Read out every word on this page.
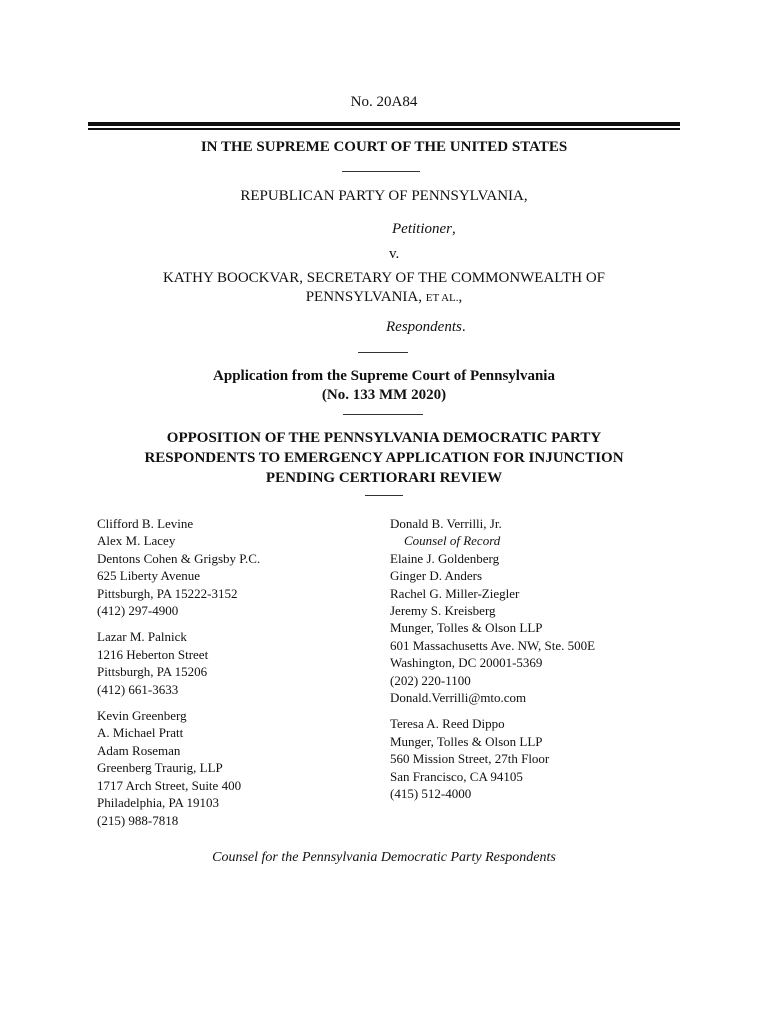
No. 20A84
IN THE SUPREME COURT OF THE UNITED STATES
REPUBLICAN PARTY OF PENNSYLVANIA,
Petitioner,
v.
KATHY BOOCKVAR, SECRETARY OF THE COMMONWEALTH OF
PENNSYLVANIA, ET AL.,
Respondents.
Application from the Supreme Court of Pennsylvania
(No. 133 MM 2020)
OPPOSITION OF THE PENNSYLVANIA DEMOCRATIC PARTY
RESPONDENTS TO EMERGENCY APPLICATION FOR INJUNCTION
PENDING CERTIORARI REVIEW
Clifford B. Levine
Alex M. Lacey
Dentons Cohen & Grigsby P.C.
625 Liberty Avenue
Pittsburgh, PA 15222-3152
(412) 297-4900
Lazar M. Palnick
1216 Heberton Street
Pittsburgh, PA 15206
(412) 661-3633
Kevin Greenberg
A. Michael Pratt
Adam Roseman
Greenberg Traurig, LLP
1717 Arch Street, Suite 400
Philadelphia, PA 19103
(215) 988-7818
Donald B. Verrilli, Jr.
Counsel of Record
Elaine J. Goldenberg
Ginger D. Anders
Rachel G. Miller-Ziegler
Jeremy S. Kreisberg
Munger, Tolles & Olson LLP
601 Massachusetts Ave. NW, Ste. 500E
Washington, DC 20001-5369
(202) 220-1100
Donald.Verrilli@mto.com
Teresa A. Reed Dippo
Munger, Tolles & Olson LLP
560 Mission Street, 27th Floor
San Francisco, CA 94105
(415) 512-4000
Counsel for the Pennsylvania Democratic Party Respondents
